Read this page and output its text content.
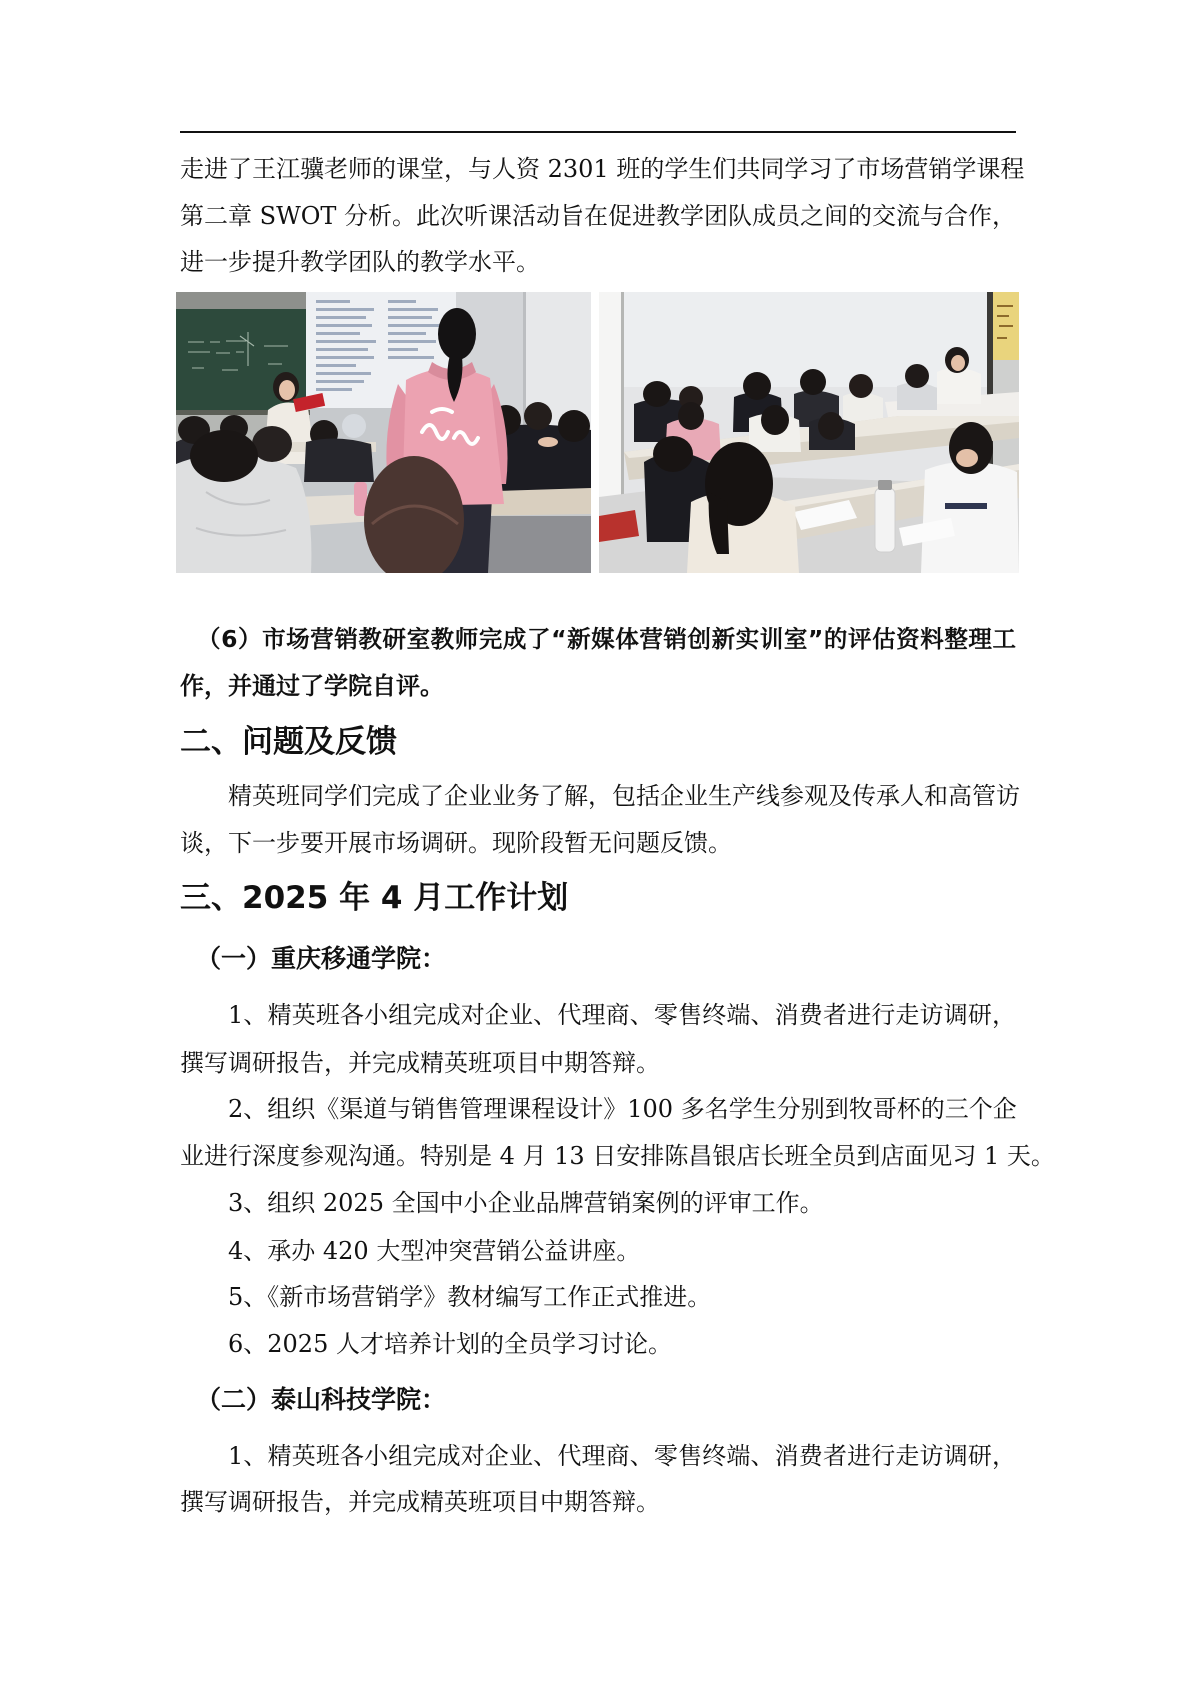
走进了王江骥老师的课堂，与人资 2301 班的学生们共同学习了市场营销学课程
第二章 SWOT 分析。此次听课活动旨在促进教学团队成员之间的交流与合作，
进一步提升教学团队的教学水平。
（6）市场营销教研室教师完成了“新媒体营销创新实训室”的评估资料整理工
作，并通过了学院自评。
二、问题及反馈
精英班同学们完成了企业业务了解，包括企业生产线参观及传承人和高管访
谈，下一步要开展市场调研。现阶段暂无问题反馈。
三、2025 年 4 月工作计划
（一）重庆移通学院：
1、精英班各小组完成对企业、代理商、零售终端、消费者进行走访调研，
撰写调研报告，并完成精英班项目中期答辩。
2、组织《渠道与销售管理课程设计》100 多名学生分别到牧哥杯的三个企
业进行深度参观沟通。特别是 4 月 13 日安排陈昌银店长班全员到店面见习 1 天。
3、组织 2025 全国中小企业品牌营销案例的评审工作。
4、承办 420 大型冲突营销公益讲座。
5、《新市场营销学》教材编写工作正式推进。
6、2025 人才培养计划的全员学习讨论。
（二）泰山科技学院：
1、精英班各小组完成对企业、代理商、零售终端、消费者进行走访调研，
撰写调研报告，并完成精英班项目中期答辩。
